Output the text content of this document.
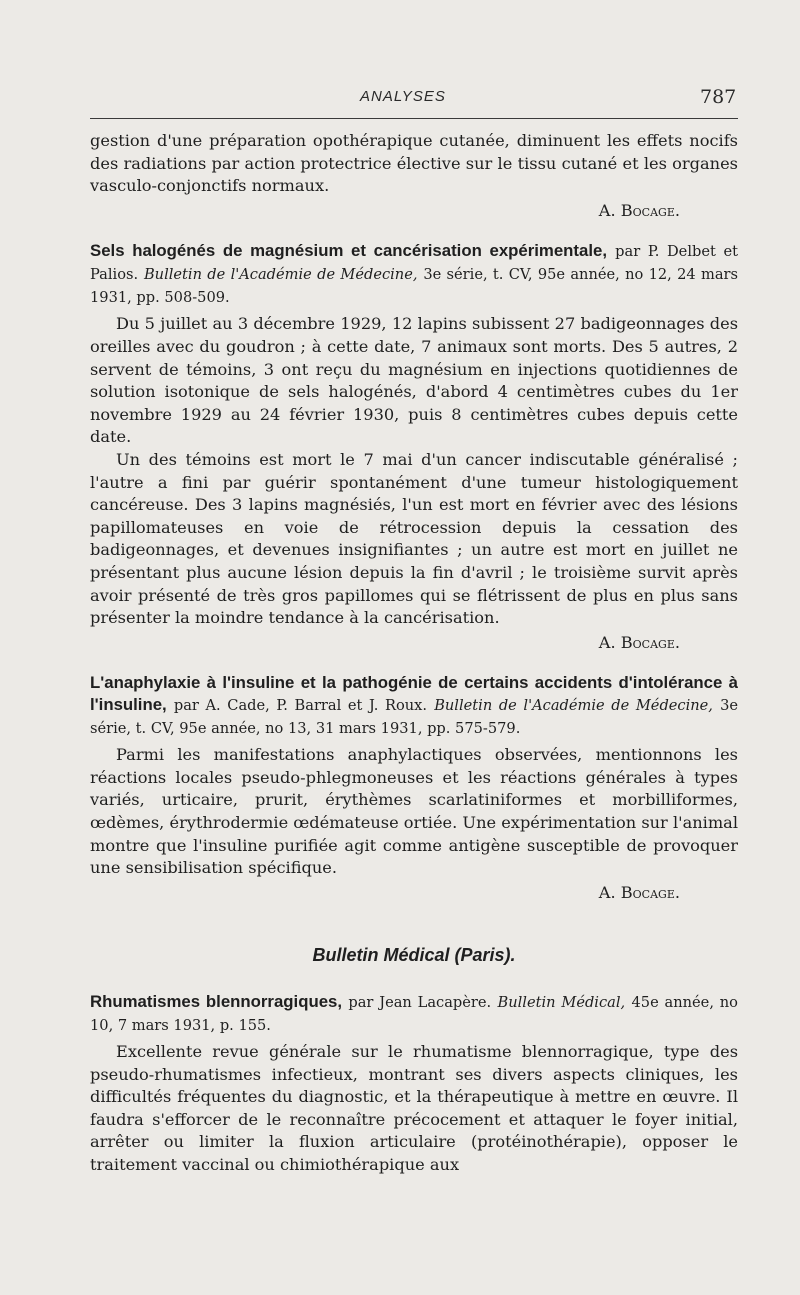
ANALYSES	787

gestion d'une préparation opothérapique cutanée, diminuent les effets nocifs des radiations par action protectrice élective sur le tissu cutané et les organes vasculo-conjonctifs normaux.

A. Bocage.

Sels halogénés de magnésium et cancérisation expérimentale, par P. Delbet et Palios. Bulletin de l'Académie de Médecine, 3e série, t. CV, 95e année, no 12, 24 mars 1931, pp. 508-509.

Du 5 juillet au 3 décembre 1929, 12 lapins subissent 27 badigeonnages des oreilles avec du goudron ; à cette date, 7 animaux sont morts. Des 5 autres, 2 servent de témoins, 3 ont reçu du magnésium en injections quotidiennes de solution isotonique de sels halogénés, d'abord 4 centimètres cubes du 1er novembre 1929 au 24 février 1930, puis 8 centimètres cubes depuis cette date.

Un des témoins est mort le 7 mai d'un cancer indiscutable généralisé ; l'autre a fini par guérir spontanément d'une tumeur histologiquement cancéreuse. Des 3 lapins magnésiés, l'un est mort en février avec des lésions papillomateuses en voie de rétrocession depuis la cessation des badigeonnages, et devenues insignifiantes ; un autre est mort en juillet ne présentant plus aucune lésion depuis la fin d'avril ; le troisième survit après avoir présenté de très gros papillomes qui se flétrissent de plus en plus sans présenter la moindre tendance à la cancérisation.

A. Bocage.

L'anaphylaxie à l'insuline et la pathogénie de certains accidents d'intolérance à l'insuline, par A. Cade, P. Barral et J. Roux. Bulletin de l'Académie de Médecine, 3e série, t. CV, 95e année, no 13, 31 mars 1931, pp. 575-579.

Parmi les manifestations anaphylactiques observées, mentionnons les réactions locales pseudo-phlegmoneuses et les réactions générales à types variés, urticaire, prurit, érythèmes scarlatiniformes et morbilliformes, œdèmes, érythrodermie œdémateuse ortiée. Une expérimentation sur l'animal montre que l'insuline purifiée agit comme antigène susceptible de provoquer une sensibilisation spécifique.

A. Bocage.

Bulletin Médical (Paris).

Rhumatismes blennorragiques, par Jean Lacapère. Bulletin Médical, 45e année, no 10, 7 mars 1931, p. 155.

Excellente revue générale sur le rhumatisme blennorragique, type des pseudo-rhumatismes infectieux, montrant ses divers aspects cliniques, les difficultés fréquentes du diagnostic, et la thérapeutique à mettre en œuvre. Il faudra s'efforcer de le reconnaître précocement et attaquer le foyer initial, arrêter ou limiter la fluxion articulaire (protéinothérapie), opposer le traitement vaccinal ou chimiothérapique aux
